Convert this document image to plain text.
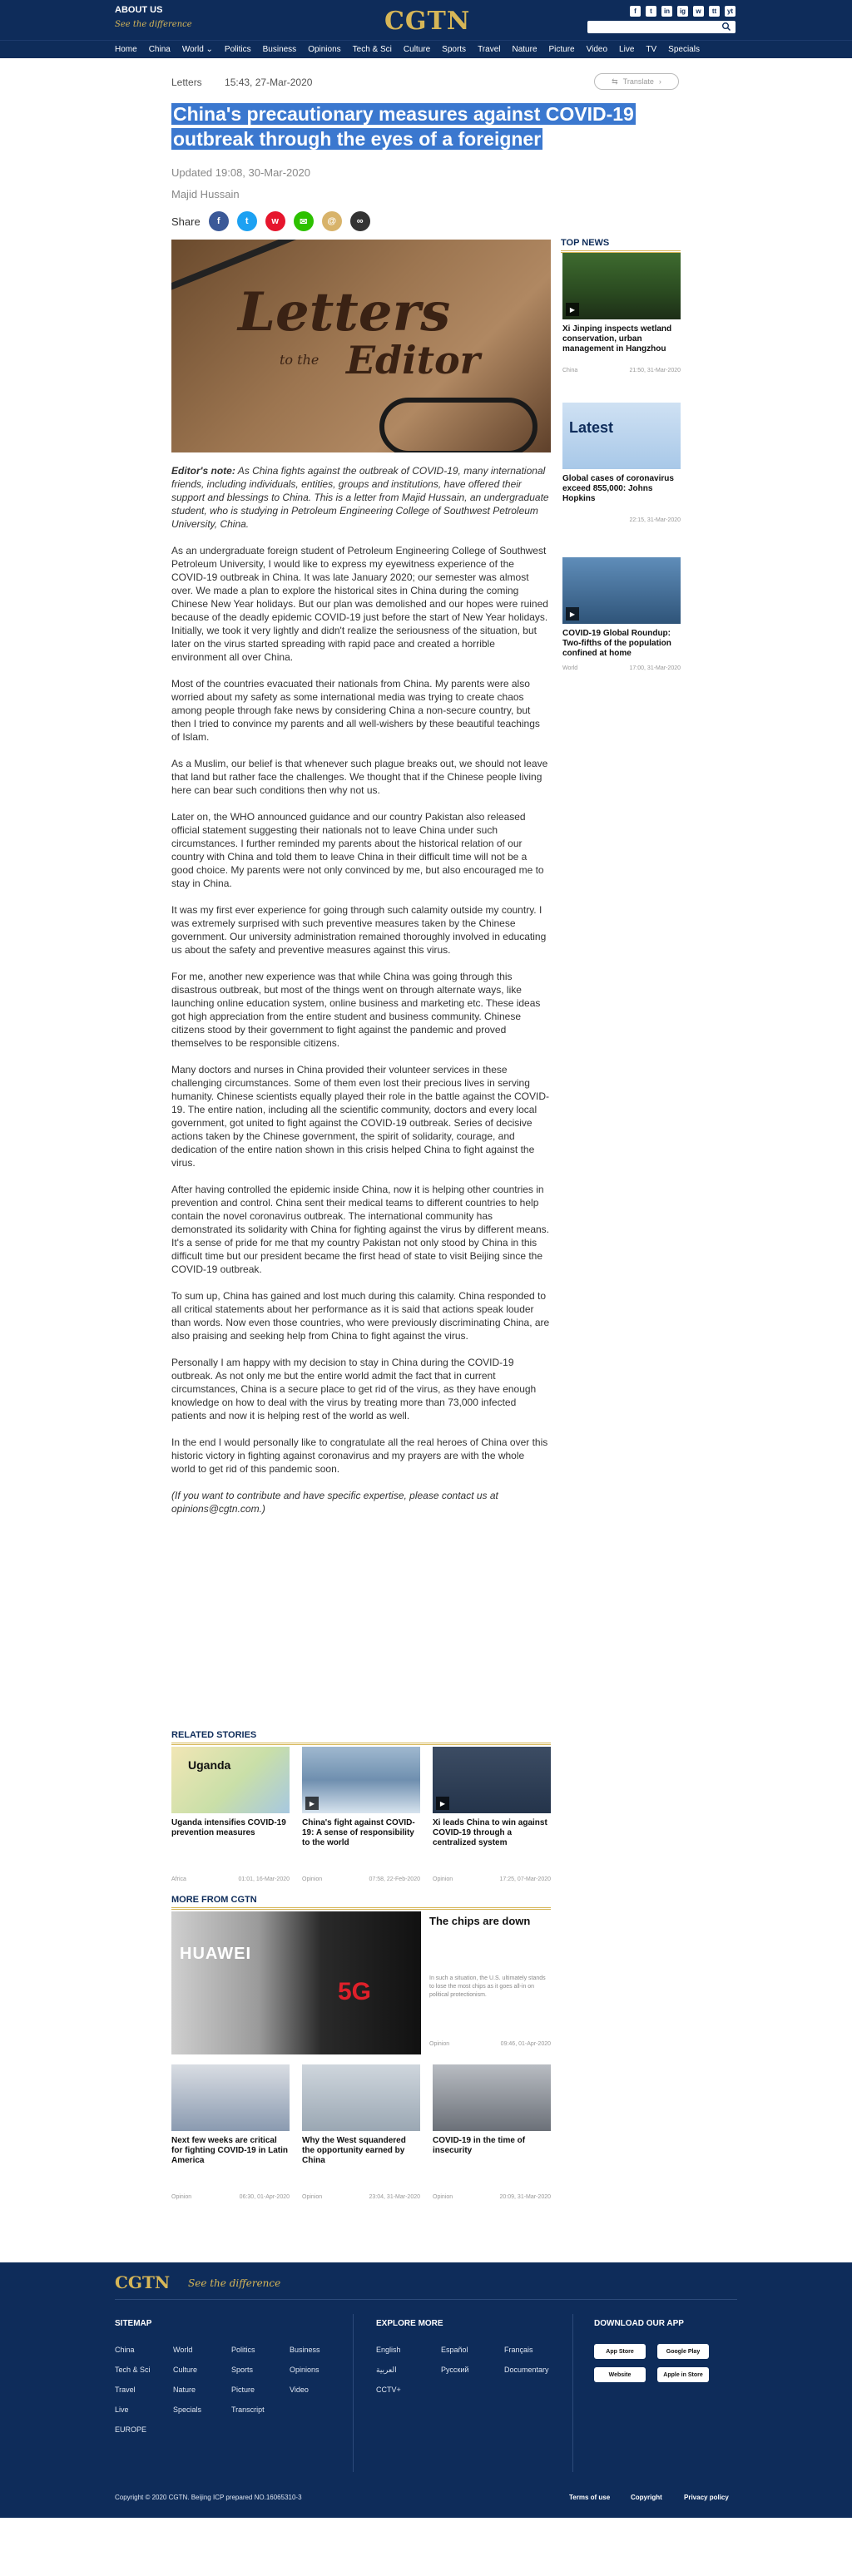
ABOUT US
See the difference	CGTN	f	t	in	ig	w	tt	yt
Home China World ⌄ Politics Business Opinions Tech & Sci Culture Sports Travel Nature Picture Video Live TV Specials
Letters 15:43, 27-Mar-2020	⇆ Translate ›
China's precautionary measures against COVID-19
outbreak through the eyes of a foreigner
Updated 19:08, 30-Mar-2020
Majid Hussain
Share	f	t	w	✉	@	∞
Letters
to the Editor

Editor's note: As China fights against the outbreak of COVID-19, many international friends, including individuals, entities, groups and institutions, have offered their support and blessings to China. This is a letter from Majid Hussain, an undergraduate student, who is studying in Petroleum Engineering College of Southwest Petroleum University, China.

As an undergraduate foreign student of Petroleum Engineering College of Southwest Petroleum University, I would like to express my eyewitness experience of the COVID-19 outbreak in China. It was late January 2020; our semester was almost over. We made a plan to explore the historical sites in China during the coming Chinese New Year holidays. But our plan was demolished and our hopes were ruined because of the deadly epidemic COVID-19 just before the start of New Year holidays. Initially, we took it very lightly and didn't realize the seriousness of the situation, but later on the virus started spreading with rapid pace and created a horrible environment all over China.

Most of the countries evacuated their nationals from China. My parents were also worried about my safety as some international media was trying to create chaos among people through fake news by considering China a non-secure country, but then I tried to convince my parents and all well-wishers by these beautiful teachings of Islam.

As a Muslim, our belief is that whenever such plague breaks out, we should not leave that land but rather face the challenges. We thought that if the Chinese people living here can bear such conditions then why not us.

Later on, the WHO announced guidance and our country Pakistan also released official statement suggesting their nationals not to leave China under such circumstances. I further reminded my parents about the historical relation of our country with China and told them to leave China in their difficult time will not be a good choice. My parents were not only convinced by me, but also encouraged me to stay in China.

It was my first ever experience for going through such calamity outside my country. I was extremely surprised with such preventive measures taken by the Chinese government. Our university administration remained thoroughly involved in educating us about the safety and preventive measures against this virus.

For me, another new experience was that while China was going through this disastrous outbreak, but most of the things went on through alternate ways, like launching online education system, online business and marketing etc. These ideas got high appreciation from the entire student and business community. Chinese citizens stood by their government to fight against the pandemic and proved themselves to be responsible citizens.

Many doctors and nurses in China provided their volunteer services in these challenging circumstances. Some of them even lost their precious lives in serving humanity. Chinese scientists equally played their role in the battle against the COVID-19. The entire nation, including all the scientific community, doctors and every local government, got united to fight against the COVID-19 outbreak. Series of decisive actions taken by the Chinese government, the spirit of solidarity, courage, and dedication of the entire nation shown in this crisis helped China to fight against the virus.

After having controlled the epidemic inside China, now it is helping other countries in prevention and control. China sent their medical teams to different countries to help contain the novel coronavirus outbreak. The international community has demonstrated its solidarity with China for fighting against the virus by different means. It's a sense of pride for me that my country Pakistan not only stood by China in this difficult time but our president became the first head of state to visit Beijing since the COVID-19 outbreak.

To sum up, China has gained and lost much during this calamity. China responded to all critical statements about her performance as it is said that actions speak louder than words. Now even those countries, who were previously discriminating China, are also praising and seeking help from China to fight against the virus.

Personally I am happy with my decision to stay in China during the COVID-19 outbreak. As not only me but the entire world admit the fact that in current circumstances, China is a secure place to get rid of the virus, as they have enough knowledge on how to deal with the virus by treating more than 73,000 infected patients and now it is helping rest of the world as well.

In the end I would personally like to congratulate all the real heroes of China over this historic victory in fighting against coronavirus and my prayers are with the whole world to get rid of this pandemic soon.

(If you want to contribute and have specific expertise, please contact us at opinions@cgtn.com.)

TOP NEWS
▶
Xi Jinping inspects wetland conservation, urban management in Hangzhou
China	21:50, 31-Mar-2020
Latest
Global cases of coronavirus exceed 855,000: Johns Hopkins
22:15, 31-Mar-2020
▶
COVID-19 Global Roundup: Two-fifths of the population confined at home
World	17:00, 31-Mar-2020
RELATED STORIES
Uganda
Uganda intensifies COVID-19 prevention measures
Africa	01:01, 16-Mar-2020
▶
China's fight against COVID-19: A sense of responsibility to the world
Opinion	07:58, 22-Feb-2020
▶
Xi leads China to win against COVID-19 through a centralized system
Opinion	17:25, 07-Mar-2020
MORE FROM CGTN
HUAWEI
5G
The chips are down
In such a situation, the U.S. ultimately stands to lose the most chips as it goes all-in on political protectionism.
Opinion	09:46, 01-Apr-2020
Next few weeks are critical for fighting COVID-19 in Latin America
Opinion	06:30, 01-Apr-2020
Why the West squandered the opportunity earned by China
Opinion	23:04, 31-Mar-2020
COVID-19 in the time of insecurity
Opinion	20:09, 31-Mar-2020
CGTN See the difference
SITEMAP
China	World	Politics	Business
Tech & Sci	Culture	Sports	Opinions
Travel	Nature	Picture	Video
Live	Specials	Transcript
EUROPE
EXPLORE MORE
English	Español	Français
العربية	Русский	Documentary
CCTV+
DOWNLOAD OUR APP
App Store	Google Play
Website	Apple in Store
Copyright © 2020 CGTN. Beijing ICP prepared NO.16065310-3	Terms of use	Copyright	Privacy policy
